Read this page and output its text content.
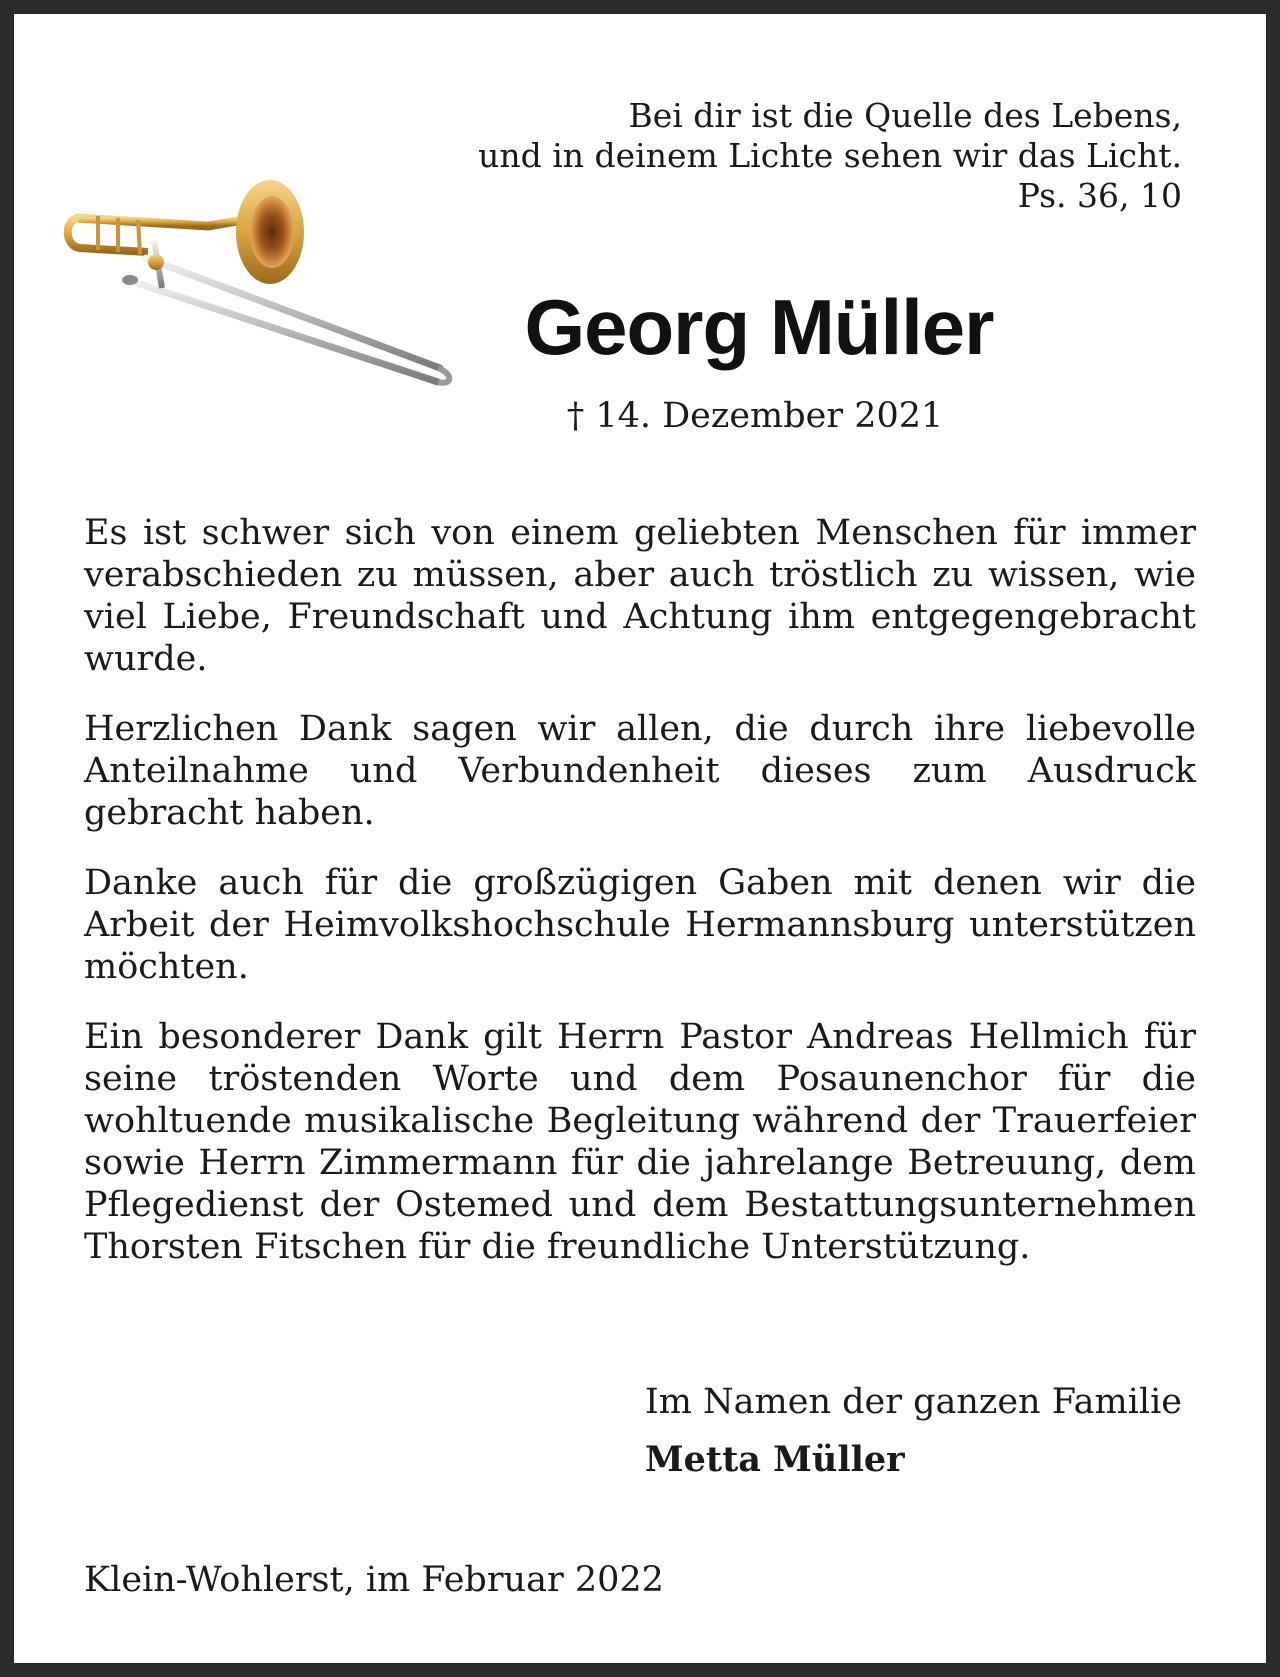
Bei dir ist die Quelle des Lebens,
und in deinem Lichte sehen wir das Licht.
Ps. 36, 10
Georg Müller
† 14. Dezember 2021

Es ist schwer sich von einem geliebten Menschen für immer verabschieden zu müssen, aber auch tröstlich zu wissen, wie viel Liebe, Freundschaft und Achtung ihm entgegengebracht wurde.

Herzlichen Dank sagen wir allen, die durch ihre liebevolle Anteilnahme und Verbundenheit dieses zum Ausdruck gebracht haben.

Danke auch für die großzügigen Gaben mit denen wir die Arbeit der Heimvolkshochschule Hermannsburg unterstützen möchten.

Ein besonderer Dank gilt Herrn Pastor Andreas Hellmich für seine tröstenden Worte und dem Posaunenchor für die wohltuende musikalische Begleitung während der Trauerfeier sowie Herrn Zimmermann für die jahrelange Betreuung, dem Pflegedienst der Ostemed und dem Bestattungsunternehmen Thorsten Fitschen für die freundliche Unterstützung.

Im Namen der ganzen Familie
Metta Müller
Klein-Wohlerst, im Februar 2022
